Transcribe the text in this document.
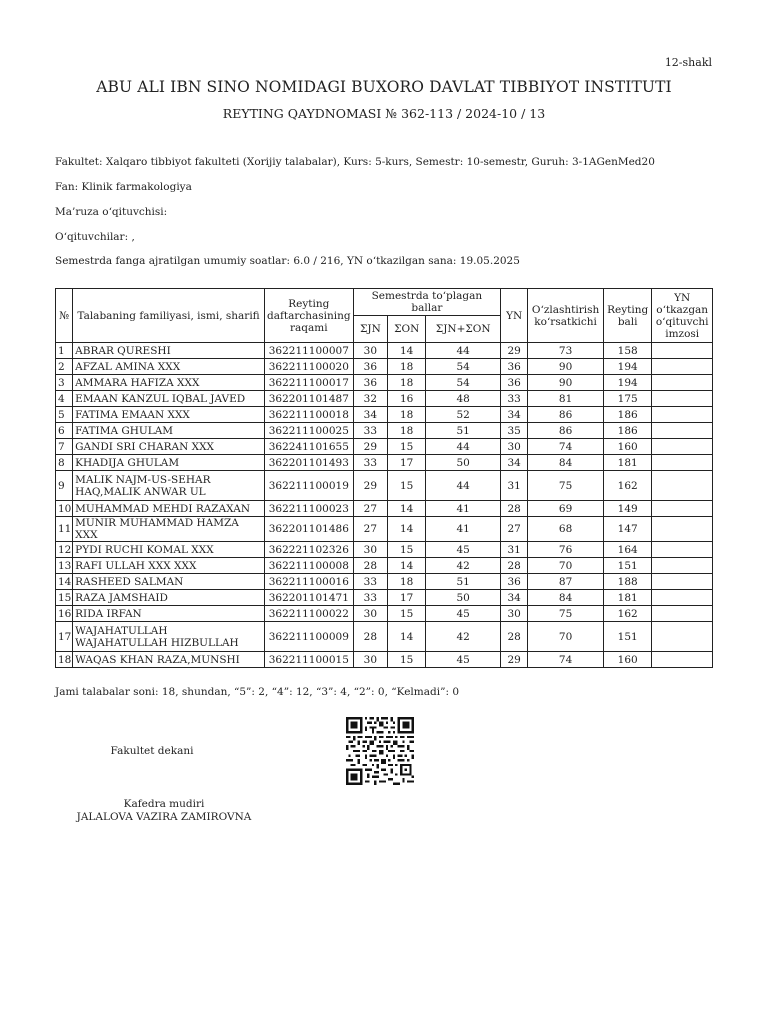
12-shakl
ABU ALI IBN SINO NOMIDAGI BUXORO DAVLAT TIBBIYOT INSTITUTI
REYTING QAYDNOMASI № 362-113 / 2024-10 / 13
Fakultet: Xalqaro tibbiyot fakulteti (Xorijiy talabalar), Kurs: 5-kurs, Semestr: 10-semestr, Guruh: 3-1AGenMed20
Fan: Klinik farmakologiya
Ma’ruza o‘qituvchisi:
O‘qituvchilar: ,
Semestrda fanga ajratilgan umumiy soatlar: 6.0 / 216, YN o‘tkazilgan sana: 19.05.2025
№	Talabaning familiyasi, ismi, sharifi	Reyting daftarchasining raqami	Semestrda to‘plagan ballar			YN	O‘zlashtirish ko‘rsatkichi	Reyting bali	YN o‘tkazgan o‘qituvchi imzosi
			ΣJN	ΣON	ΣJN+ΣON				
1	ABRAR QURESHI	362211100007	30	14	44	29	73	158	
2	AFZAL AMINA XXX	362211100020	36	18	54	36	90	194	
3	AMMARA HAFIZA XXX	362211100017	36	18	54	36	90	194	
4	EMAAN KANZUL IQBAL JAVED	362201101487	32	16	48	33	81	175	
5	FATIMA EMAAN XXX	362211100018	34	18	52	34	86	186	
6	FATIMA GHULAM	362211100025	33	18	51	35	86	186	
7	GANDI SRI CHARAN XXX	362241101655	29	15	44	30	74	160	
8	KHADIJA GHULAM	362201101493	33	17	50	34	84	181	
9	MALIK NAJM-US-SEHAR HAQ,MALIK ANWAR UL	362211100019	29	15	44	31	75	162	
10	MUHAMMAD MEHDI RAZAXAN	362211100023	27	14	41	28	69	149	
11	MUNIR MUHAMMAD HAMZA XXX	362201101486	27	14	41	27	68	147	
12	PYDI RUCHI KOMAL XXX	362221102326	30	15	45	31	76	164	
13	RAFI ULLAH XXX XXX	362211100008	28	14	42	28	70	151	
14	RASHEED SALMAN	362211100016	33	18	51	36	87	188	
15	RAZA JAMSHAID	362201101471	33	17	50	34	84	181	
16	RIDA IRFAN	362211100022	30	15	45	30	75	162	
17	WAJAHATULLAH WAJAHATULLAH HIZBULLAH	362211100009	28	14	42	28	70	151	
18	WAQAS KHAN RAZA,MUNSHI	362211100015	30	15	45	29	74	160	
Jami talabalar soni: 18, shundan, “5”: 2, “4”: 12, “3”: 4, “2”: 0, “Kelmadi”: 0
Fakultet dekani
Kafedra mudiri
JALALOVA VAZIRA ZAMIROVNA
